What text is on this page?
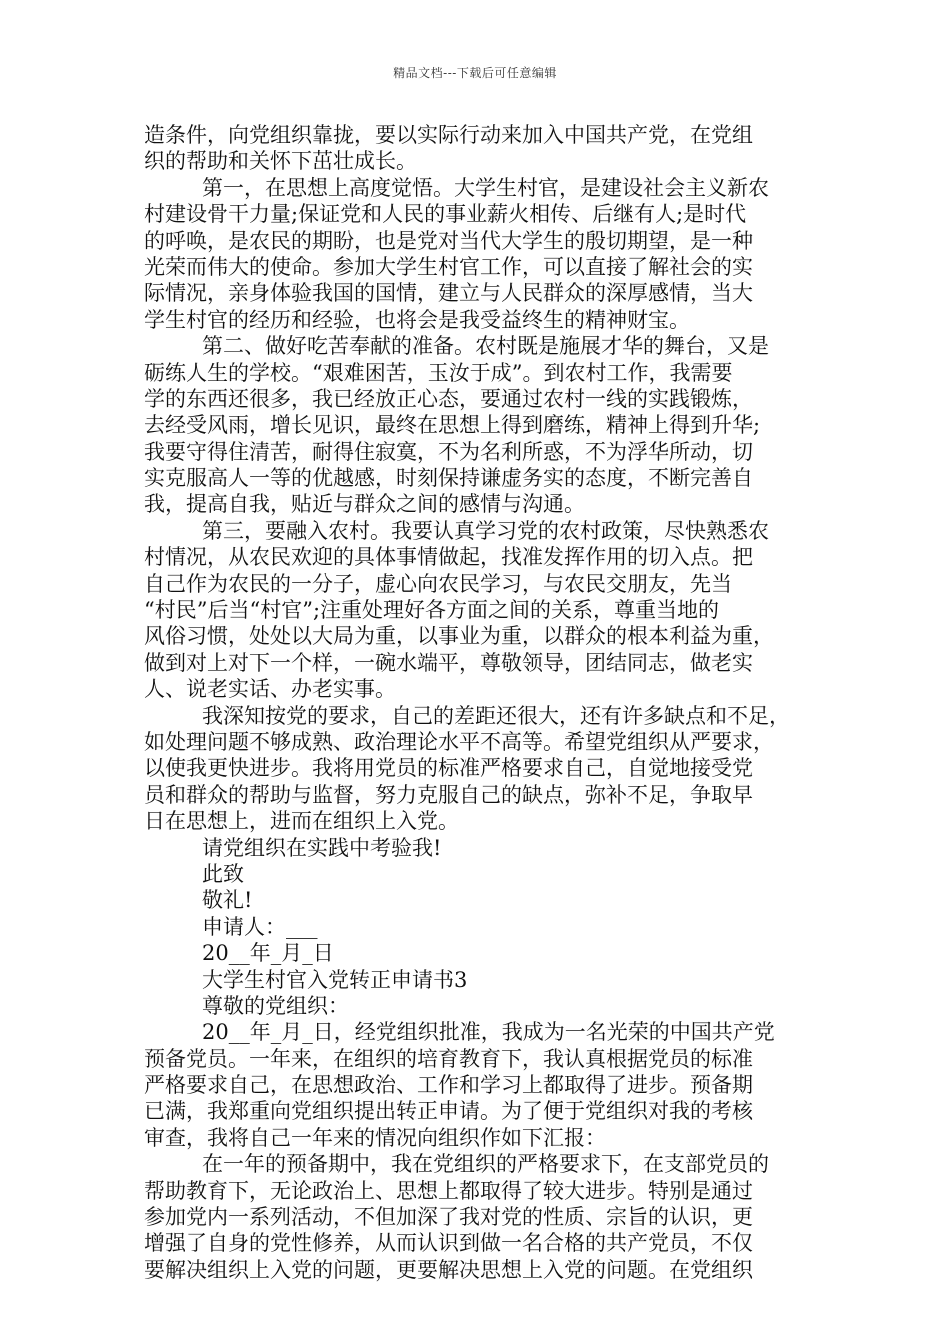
精品文档---下载后可任意编辑
造条件，向党组织靠拢，要以实际行动来加入中国共产党，在党组
织的帮助和关怀下茁壮成长。
第一，在思想上高度觉悟。大学生村官，是建设社会主义新农
村建设骨干力量;保证党和人民的事业薪火相传、后继有人;是时代
的呼唤，是农民的期盼，也是党对当代大学生的殷切期望，是一种
光荣而伟大的使命。参加大学生村官工作，可以直接了解社会的实
际情况，亲身体验我国的国情，建立与人民群众的深厚感情，当大
学生村官的经历和经验，也将会是我受益终生的精神财宝。
第二、做好吃苦奉献的准备。农村既是施展才华的舞台，又是
砺练人生的学校。“艰难困苦，玉汝于成”。到农村工作，我需要
学的东西还很多，我已经放正心态，要通过农村一线的实践锻炼，
去经受风雨，增长见识，最终在思想上得到磨练，精神上得到升华;
我要守得住清苦，耐得住寂寞，不为名利所惑，不为浮华所动，切
实克服高人一等的优越感，时刻保持谦虚务实的态度，不断完善自
我，提高自我，贴近与群众之间的感情与沟通。
第三，要融入农村。我要认真学习党的农村政策，尽快熟悉农
村情况，从农民欢迎的具体事情做起，找准发挥作用的切入点。把
自己作为农民的一分子，虚心向农民学习，与农民交朋友，先当
“村民”后当“村官”;注重处理好各方面之间的关系，尊重当地的
风俗习惯，处处以大局为重，以事业为重，以群众的根本利益为重，
做到对上对下一个样，一碗水端平，尊敬领导，团结同志，做老实
人、说老实话、办老实事。
我深知按党的要求，自己的差距还很大，还有许多缺点和不足，
如处理问题不够成熟、政治理论水平不高等。希望党组织从严要求，
以使我更快进步。我将用党员的标准严格要求自己，自觉地接受党
员和群众的帮助与监督，努力克服自己的缺点，弥补不足，争取早
日在思想上，进而在组织上入党。
请党组织在实践中考验我!
此致
敬礼!
申请人：___
20__年_月_日
大学生村官入党转正申请书3
尊敬的党组织：
20__年_月_日，经党组织批准，我成为一名光荣的中国共产党
预备党员。一年来，在组织的培育教育下，我认真根据党员的标准
严格要求自己，在思想政治、工作和学习上都取得了进步。预备期
已满，我郑重向党组织提出转正申请。为了便于党组织对我的考核
审查，我将自己一年来的情况向组织作如下汇报：
在一年的预备期中，我在党组织的严格要求下，在支部党员的
帮助教育下，无论政治上、思想上都取得了较大进步。特别是通过
参加党内一系列活动，不但加深了我对党的性质、宗旨的认识，更
增强了自身的党性修养，从而认识到做一名合格的共产党员，不仅
要解决组织上入党的问题，更要解决思想上入党的问题。在党组织
